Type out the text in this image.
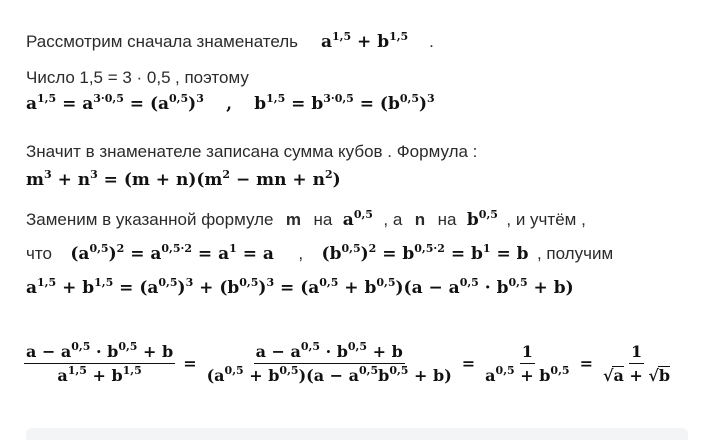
Рассмотрим сначала знаменатель $a^{1,5} + b^{1,5}$ .
Число 1,5 = 3 · 0,5 , поэтому
$a^{1,5} = a^{3\cdot 0,5} = (a^{0,5})^3$    ,    $b^{1,5} = b^{3\cdot 0,5} = (b^{0,5})^3$
Значит в знаменателе записана сумма кубов . Формула :
$m^3 + n^3 = (m + n)(m^2$ − mn + $n^2$)
Заменим в указанной формуле m на $a^{0,5}$ , а n на $b^{0,5}$ , и учтём ,
что $(a^{0,5})^2 = a^{0,5\cdot 2} = a^1 = a$ , $(b^{0,5})^2 = b^{0,5\cdot 2} = b^1 = b$ , получим
$a^{1,5} + b^{1,5} = (a^{0,5})^3 + (b^{0,5})^3 = (a^{0,5} + b^{0,5})(a - a^{0,5} \cdot b^{0,5} + b)$
$\frac{a - a^{0,5} \cdot b^{0,5} + b}{a^{1,5} + b^{1,5}} = \frac{a - a^{0,5} \cdot b^{0,5} + b}{(a^{0,5} + b^{0,5})(a - a^{0,5}b^{0,5} + b)} = \frac{1}{a^{0,5} + b^{0,5}} = \frac{1}{√a + √b}$
